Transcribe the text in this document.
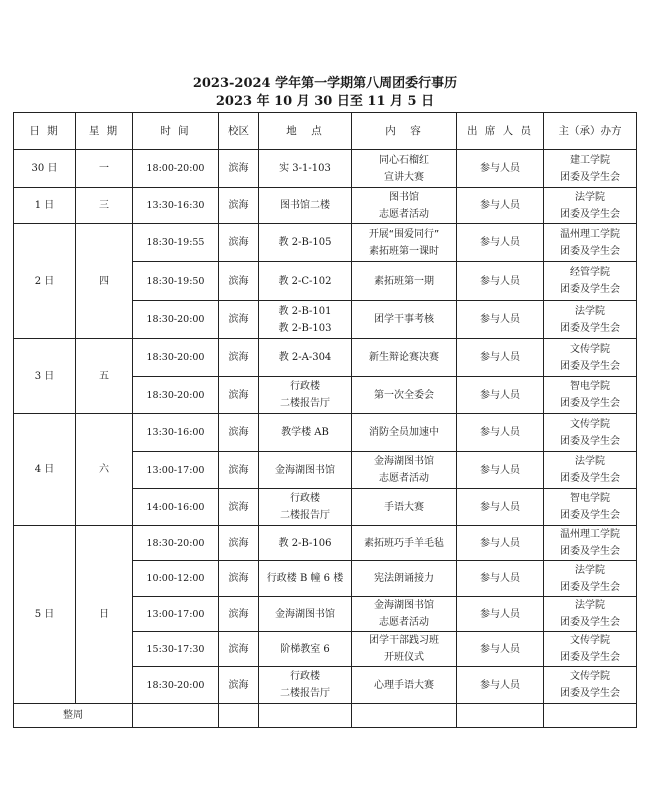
2023-2024 学年第一学期第八周团委行事历
2023 年 10 月 30 日至 11 月 5 日
日 期	星 期	时 间	校区	地　点	内　容	出 席 人 员	主（承）办方
30 日	一	18:00-20:00	滨海	实 3-1-103	同心石榴红
宣讲大赛	参与人员	建工学院
团委及学生会

1 日	三	13:30-16:30	滨海	图书馆二楼	图书馆
志愿者活动	参与人员	法学院
团委及学生会

2 日	四	18:30-19:55	滨海	教 2-B-105	开展“围爱同行”
素拓班第一课时	参与人员	温州理工学院
团委及学生会

		18:30-19:50	滨海	教 2-C-102	素拓班第一期	参与人员	经管学院
团委及学生会

		18:30-20:00	滨海	教 2-B-101
教 2-B-103	团学干事考核	参与人员	法学院
团委及学生会

3 日	五	18:30-20:00	滨海	教 2-A-304	新生辩论赛决赛	参与人员	文传学院
团委及学生会

		18:30-20:00	滨海	行政楼
二楼报告厅	第一次全委会	参与人员	智电学院
团委及学生会

4 日	六	13:30-16:00	滨海	教学楼 AB	消防全员加速中	参与人员	文传学院
团委及学生会

		13:00-17:00	滨海	金海湖图书馆	金海湖图书馆
志愿者活动	参与人员	法学院
团委及学生会

		14:00-16:00	滨海	行政楼
二楼报告厅	手语大赛	参与人员	智电学院
团委及学生会

5 日	日	18:30-20:00	滨海	教 2-B-106	素拓班巧手羊毛毡	参与人员	温州理工学院
团委及学生会

		10:00-12:00	滨海	行政楼 B 幢 6 楼	宪法朗诵接力	参与人员	法学院
团委及学生会

		13:00-17:00	滨海	金海湖图书馆	金海湖图书馆
志愿者活动	参与人员	法学院
团委及学生会

		15:30-17:30	滨海	阶梯教室 6	团学干部践习班
开班仪式	参与人员	文传学院
团委及学生会

		18:30-20:00	滨海	行政楼
二楼报告厅	心理手语大赛	参与人员	文传学院
团委及学生会

整周							
